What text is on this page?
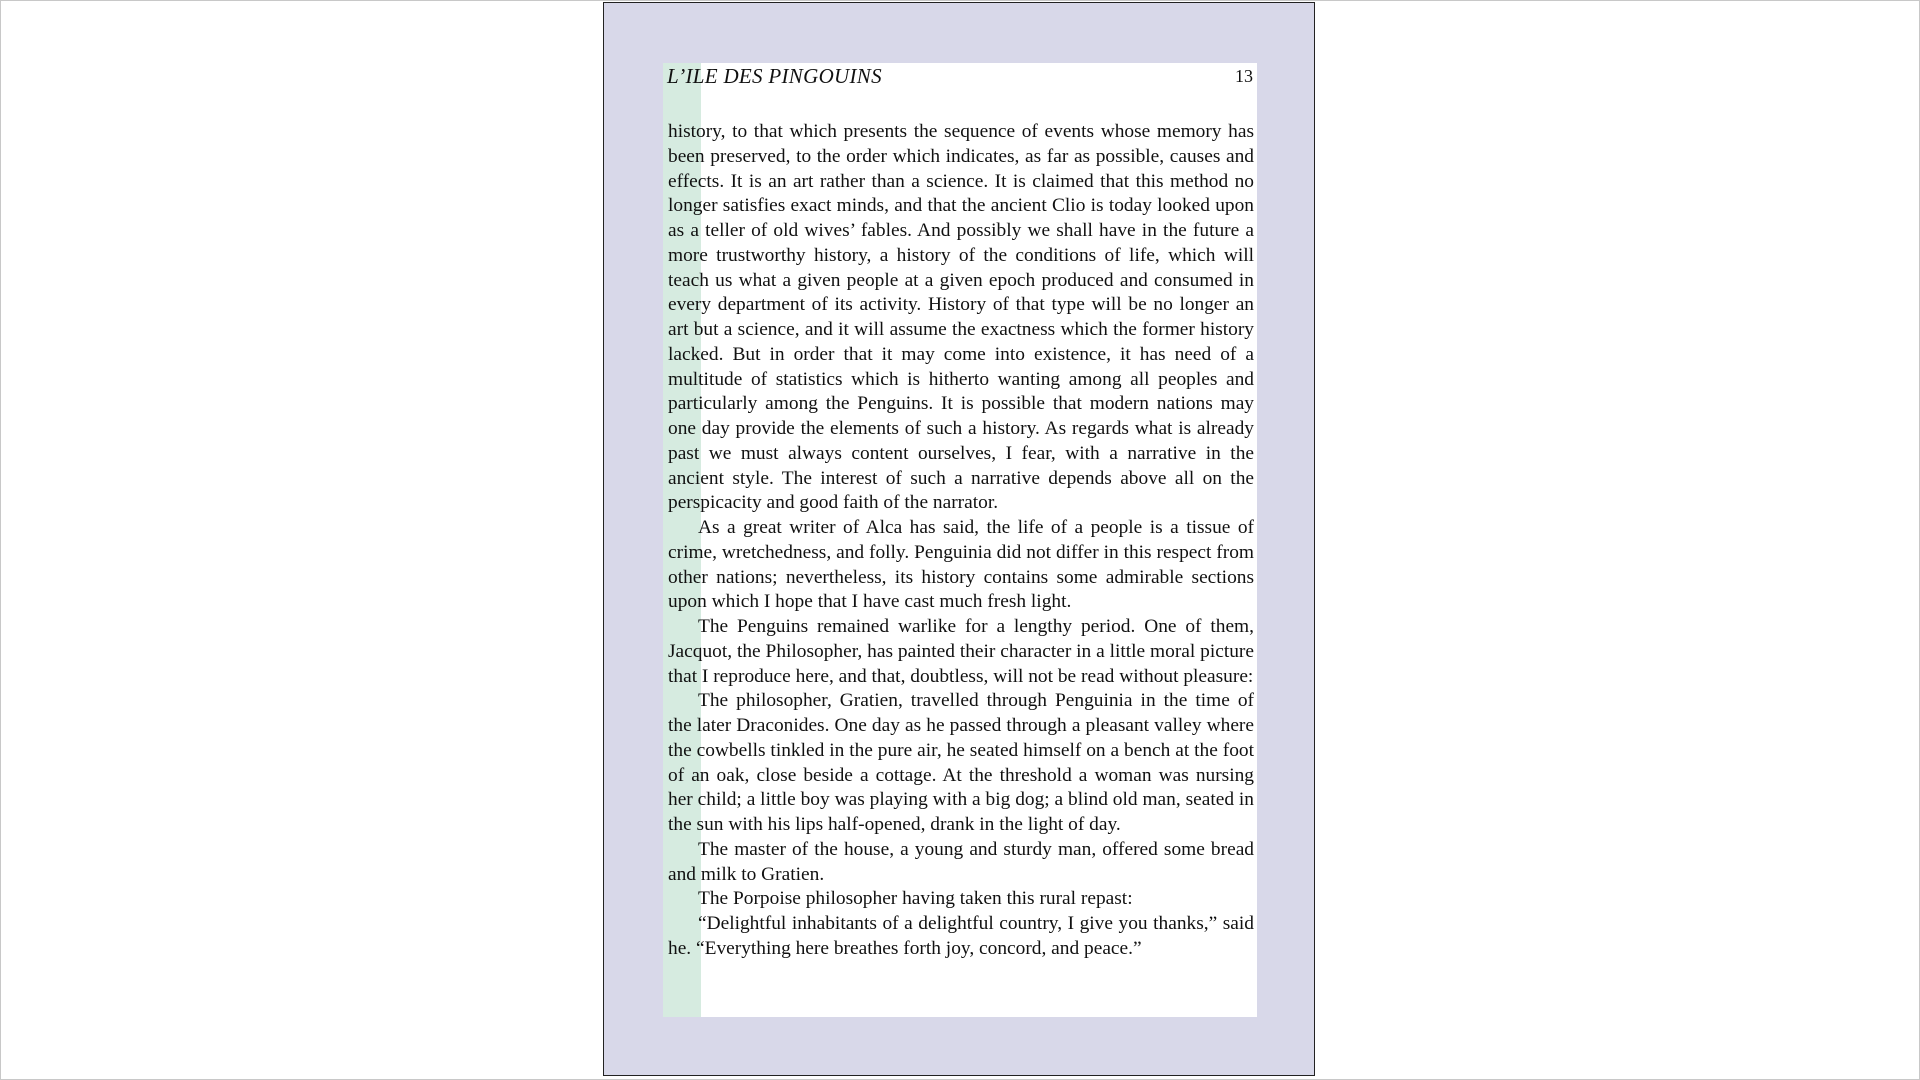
L’ILE DES PINGOUINS	13

history, to that which presents the sequence of events whose memory has been preserved, to the order which indicates, as far as possible, causes and effects. It is an art rather than a science. It is claimed that this method no longer satisfies exact minds, and that the ancient Clio is today looked upon as a teller of old wives’ fables. And possibly we shall have in the future a more trustworthy history, a history of the conditions of life, which will teach us what a given people at a given epoch produced and consumed in every department of its activity. History of that type will be no longer an art but a science, and it will assume the exactness which the former history lacked. But in order that it may come into existence, it has need of a multitude of statistics which is hitherto wanting among all peoples and particularly among the Penguins. It is possible that modern nations may one day provide the elements of such a history. As regards what is already past we must always content ourselves, I fear, with a narrative in the ancient style. The interest of such a narrative depends above all on the perspicacity and good faith of the narrator.

As a great writer of Alca has said, the life of a people is a tissue of crime, wretchedness, and folly. Penguinia did not differ in this respect from other nations; nevertheless, its history contains some admirable sections upon which I hope that I have cast much fresh light.

The Penguins remained warlike for a lengthy period. One of them, Jacquot, the Philosopher, has painted their character in a little moral picture that I reproduce here, and that, doubtless, will not be read without pleasure:

The philosopher, Gratien, travelled through Penguinia in the time of the later Draconides. One day as he passed through a pleasant valley where the cowbells tinkled in the pure air, he seated himself on a bench at the foot of an oak, close beside a cottage. At the threshold a woman was nursing her child; a little boy was playing with a big dog; a blind old man, seated in the sun with his lips half-opened, drank in the light of day.

The master of the house, a young and sturdy man, offered some bread and milk to Gratien.

The Porpoise philosopher having taken this rural repast:

“Delightful inhabitants of a delightful country, I give you thanks,” said he. “Everything here breathes forth joy, concord, and peace.”
